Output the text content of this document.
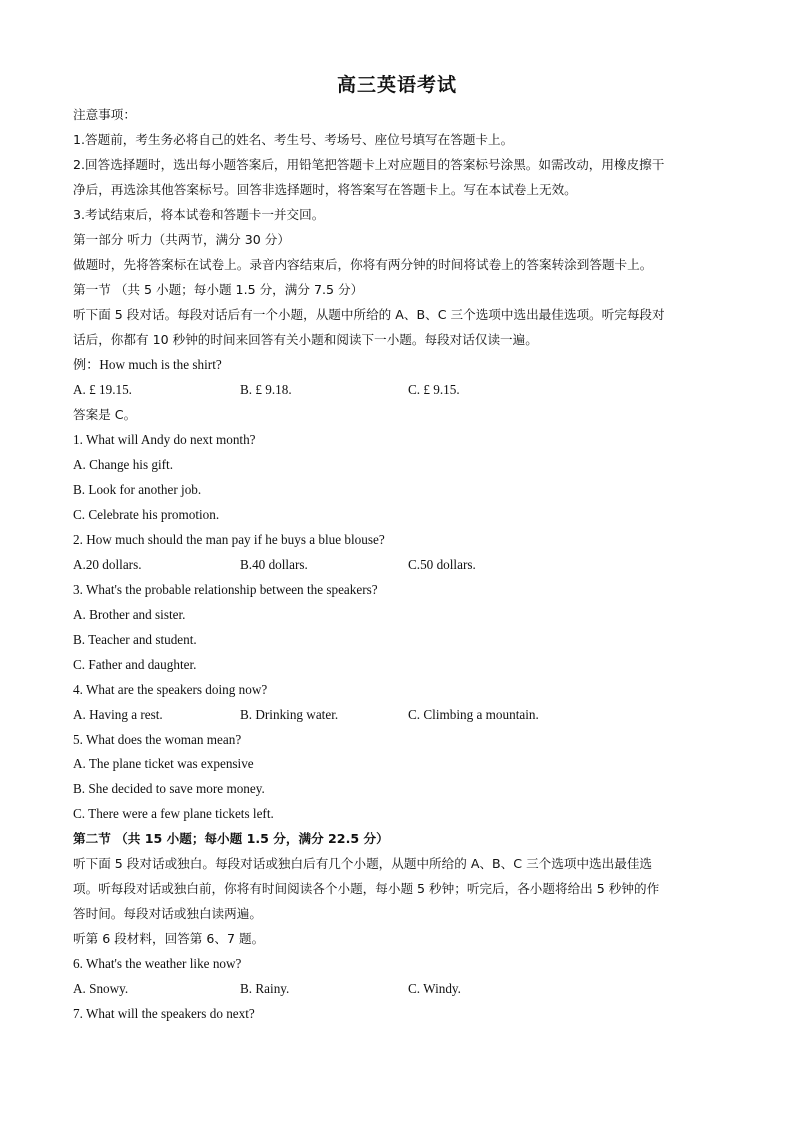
高三英语考试
注意事项：
1.答题前，考生务必将自己的姓名、考生号、考场号、座位号填写在答题卡上。
2.回答选择题时，选出每小题答案后，用铅笔把答题卡上对应题目的答案标号涂黑。如需改动，用橡皮擦干
净后，再选涂其他答案标号。回答非选择题时，将答案写在答题卡上。写在本试卷上无效。
3.考试结束后，将本试卷和答题卡一并交回。
第一部分 听力（共两节，满分 30 分）
做题时，先将答案标在试卷上。录音内容结束后，你将有两分钟的时间将试卷上的答案转涂到答题卡上。
第一节 （共 5 小题；每小题 1.5 分，满分 7.5 分）
听下面 5 段对话。每段对话后有一个小题，从题中所给的 A、B、C 三个选项中选出最佳选项。听完每段对
话后，你都有 10 秒钟的时间来回答有关小题和阅读下一小题。每段对话仅读一遍。
例：How much is the shirt?
A. £ 19.15.	B. £ 9.18.	C. £ 9.15.
答案是 C。
1. What will Andy do next month?
A. Change his gift.
B. Look for another job.
C. Celebrate his promotion.
2. How much should the man pay if he buys a blue blouse?
A.20 dollars.	B.40 dollars.	C.50 dollars.
3. What's the probable relationship between the speakers?
A. Brother and sister.
B. Teacher and student.
C. Father and daughter.
4. What are the speakers doing now?
A. Having a rest.	B. Drinking water.	C. Climbing a mountain.
5. What does the woman mean?
A. The plane ticket was expensive
B. She decided to save more money.
C. There were a few plane tickets left.
第二节 （共 15 小题；每小题 1.5 分，满分 22.5 分）
听下面 5 段对话或独白。每段对话或独白后有几个小题，从题中所给的 A、B、C 三个选项中选出最佳选
项。听每段对话或独白前，你将有时间阅读各个小题，每小题 5 秒钟；听完后，各小题将给出 5 秒钟的作
答时间。每段对话或独白读两遍。
听第 6 段材料，回答第 6、7 题。
6. What's the weather like now?
A. Snowy.	B. Rainy.	C. Windy.
7. What will the speakers do next?
